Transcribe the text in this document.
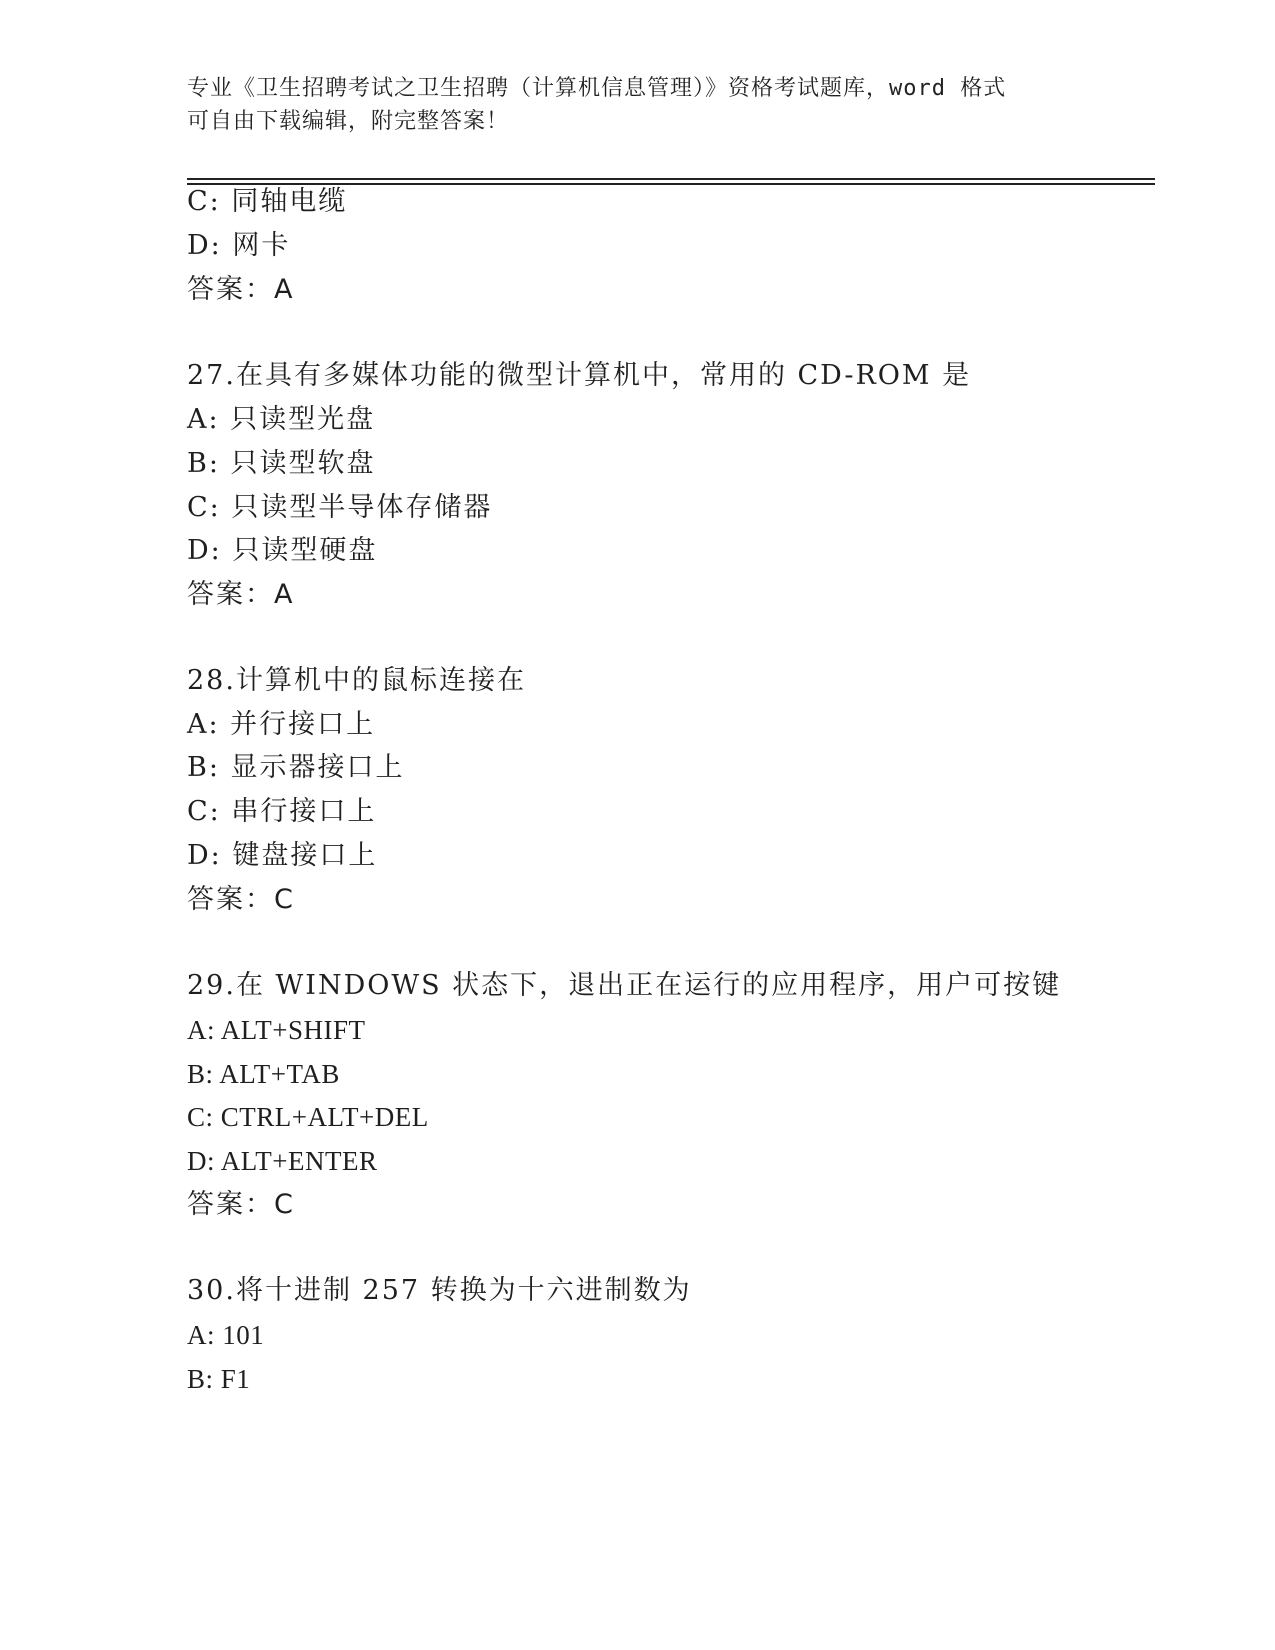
专业《卫生招聘考试之卫生招聘（计算机信息管理）》资格考试题库，word 格式
可自由下载编辑，附完整答案！
C: 同轴电缆
D: 网卡
答案：A
27.在具有多媒体功能的微型计算机中，常用的 CD-ROM 是
A: 只读型光盘
B: 只读型软盘
C: 只读型半导体存储器
D: 只读型硬盘
答案：A
28.计算机中的鼠标连接在
A: 并行接口上
B: 显示器接口上
C: 串行接口上
D: 键盘接口上
答案：C
29.在 WINDOWS 状态下，退出正在运行的应用程序，用户可按键
A: ALT+SHIFT
B: ALT+TAB
C: CTRL+ALT+DEL
D: ALT+ENTER
答案：C
30.将十进制 257 转换为十六进制数为
A: 101
B: F1
